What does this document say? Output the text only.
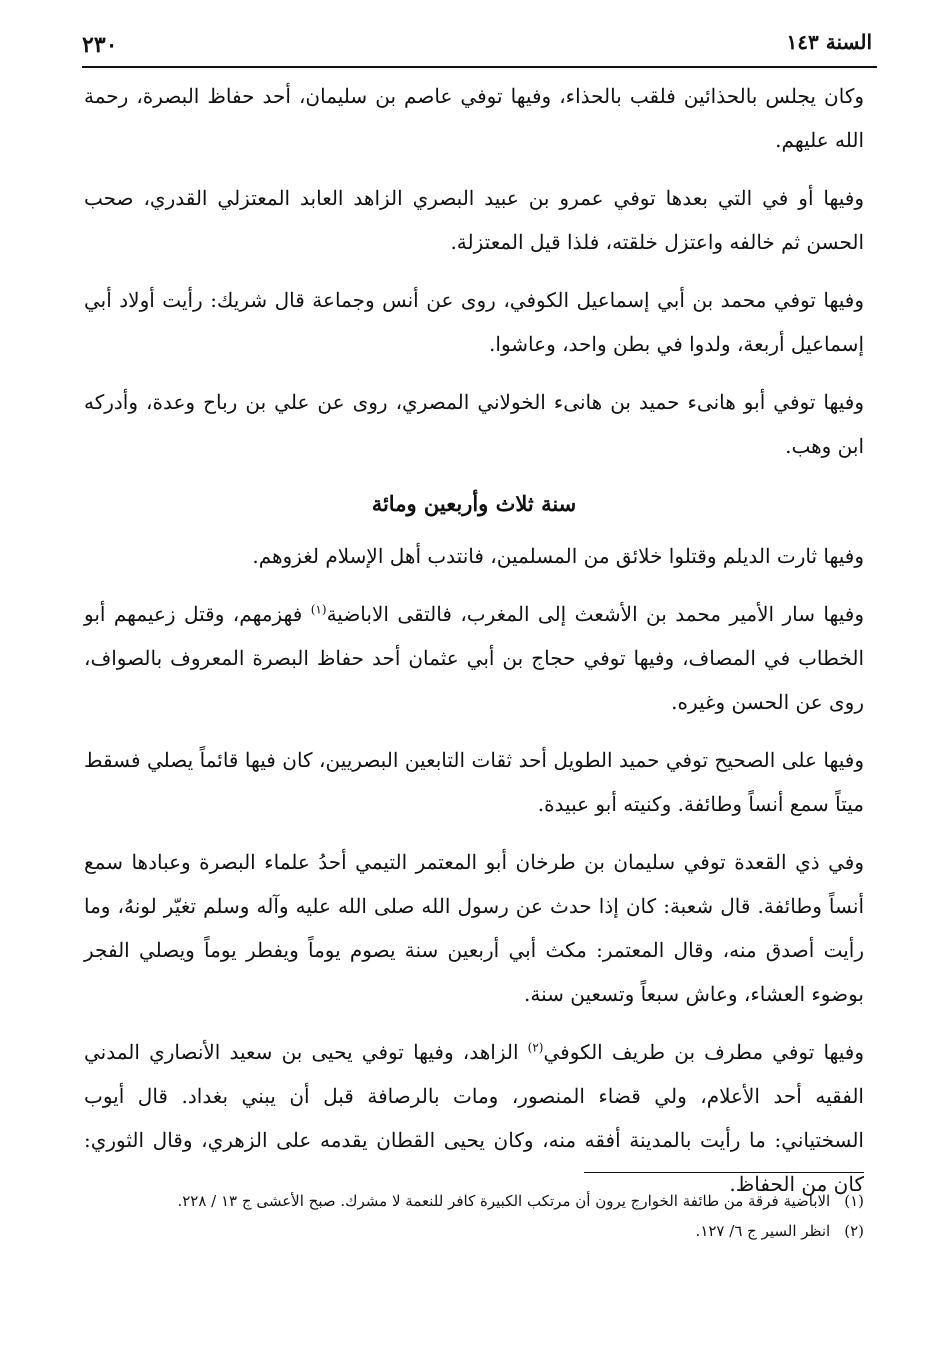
السنة ١٤٣
٢٣٠

وكان يجلس بالحذائين فلقب بالحذاء، وفيها توفي عاصم بن سليمان، أحد حفاظ البصرة، رحمة الله عليهم.

وفيها أو في التي بعدها توفي عمرو بن عبيد البصري الزاهد العابد المعتزلي القدري، صحب الحسن ثم خالفه واعتزل خلقته، فلذا قيل المعتزلة.

وفيها توفي محمد بن أبي إسماعيل الكوفي، روى عن أنس وجماعة قال شريك: رأيت أولاد أبي إسماعيل أربعة، ولدوا في بطن واحد، وعاشوا.

وفيها توفي أبو هانىء حميد بن هانىء الخولاني المصري، روى عن علي بن رباح وعدة، وأدركه ابن وهب.

سنة ثلاث وأربعين ومائة

وفيها ثارت الديلم وقتلوا خلائق من المسلمين، فانتدب أهل الإسلام لغزوهم.

وفيها سار الأمير محمد بن الأشعث إلى المغرب، فالتقى الاباضية$^{(١)}$ فهزمهم، وقتل زعيمهم أبو الخطاب في المصاف، وفيها توفي حجاج بن أبي عثمان أحد حفاظ البصرة المعروف بالصواف، روى عن الحسن وغيره.

وفيها على الصحيح توفي حميد الطويل أحد ثقات التابعين البصريين، كان فيها قائماً يصلي فسقط ميتاً سمع أنساً وطائفة. وكنيته أبو عبيدة.

وفي ذي القعدة توفي سليمان بن طرخان أبو المعتمر التيمي أحدُ علماء البصرة وعبادها سمع أنساً وطائفة. قال شعبة: كان إذا حدث عن رسول الله صلى الله عليه وآله وسلم تغيّر لونهُ، وما رأيت أصدق منه، وقال المعتمر: مكث أبي أربعين سنة يصوم يوماً ويفطر يوماً ويصلي الفجر بوضوء العشاء، وعاش سبعاً وتسعين سنة.

وفيها توفي مطرف بن طريف الكوفي$^{(٢)}$ الزاهد، وفيها توفي يحيى بن سعيد الأنصاري المدني الفقيه أحد الأعلام، ولي قضاء المنصور، ومات بالرصافة قبل أن يبني بغداد. قال أيوب السختياني: ما رأيت بالمدينة أفقه منه، وكان يحيى القطان يقدمه على الزهري، وقال الثوري: كان من الحفاظ.

(١)الاباضية فرقة من طائفة الخوارج يرون أن مرتكب الكبيرة كافر للنعمة لا مشرك. صبح الأعشى ج ١٣ / ٢٢٨.

(٢)انظر السير ج ٦/ ١٢٧.
